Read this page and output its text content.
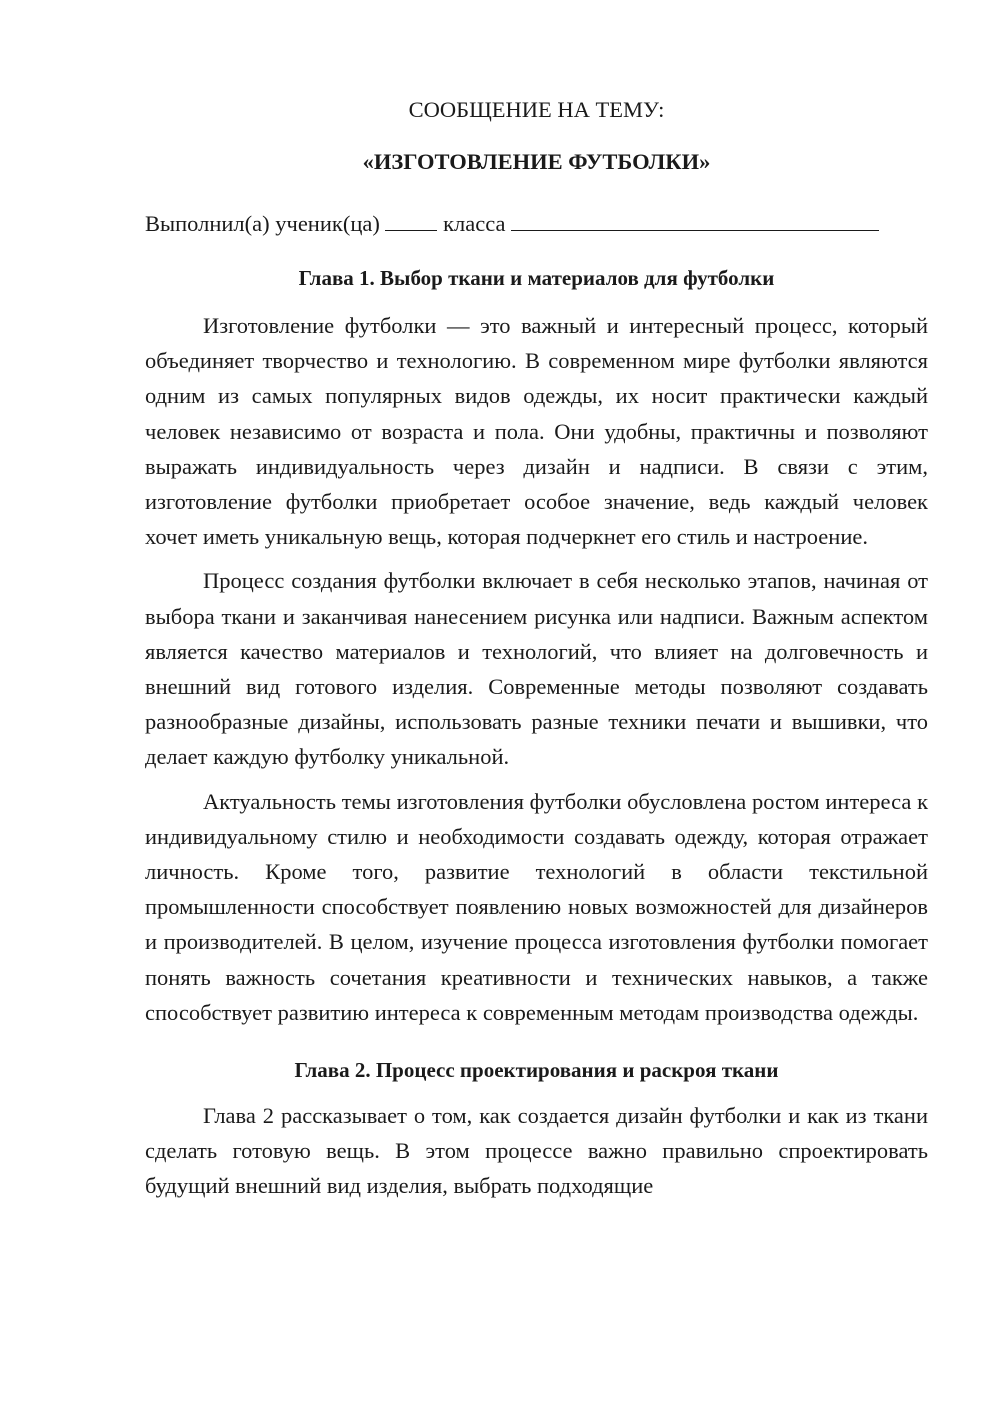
СООБЩЕНИЕ НА ТЕМУ:
«ИЗГОТОВЛЕНИЕ ФУТБОЛКИ»
Выполнил(а) ученик(ца)	класса
Глава 1. Выбор ткани и материалов для футболки

Изготовление футболки — это важный и интересный процесс, который объединяет творчество и технологию. В современном мире футболки являются одним из самых популярных видов одежды, их носит практически каждый человек независимо от возраста и пола. Они удобны, практичны и позволяют выражать индивидуальность через дизайн и надписи. В связи с этим, изготовление футболки приобретает особое значение, ведь каждый человек хочет иметь уникальную вещь, которая подчеркнет его стиль и настроение.

Процесс создания футболки включает в себя несколько этапов, начиная от выбора ткани и заканчивая нанесением рисунка или надписи. Важным аспектом является качество материалов и технологий, что влияет на долговечность и внешний вид готового изделия. Современные методы позволяют создавать разнообразные дизайны, использовать разные техники печати и вышивки, что делает каждую футболку уникальной.

Актуальность темы изготовления футболки обусловлена ростом интереса к индивидуальному стилю и необходимости создавать одежду, которая отражает личность. Кроме того, развитие технологий в области текстильной промышленности способствует появлению новых возможностей для дизайнеров и производителей. В целом, изучение процесса изготовления футболки помогает понять важность сочетания креативности и технических навыков, а также способствует развитию интереса к современным методам производства одежды.

Глава 2. Процесс проектирования и раскроя ткани

Глава 2 рассказывает о том, как создается дизайн футболки и как из ткани сделать готовую вещь. В этом процессе важно правильно спроектировать будущий внешний вид изделия, выбрать подходящие
